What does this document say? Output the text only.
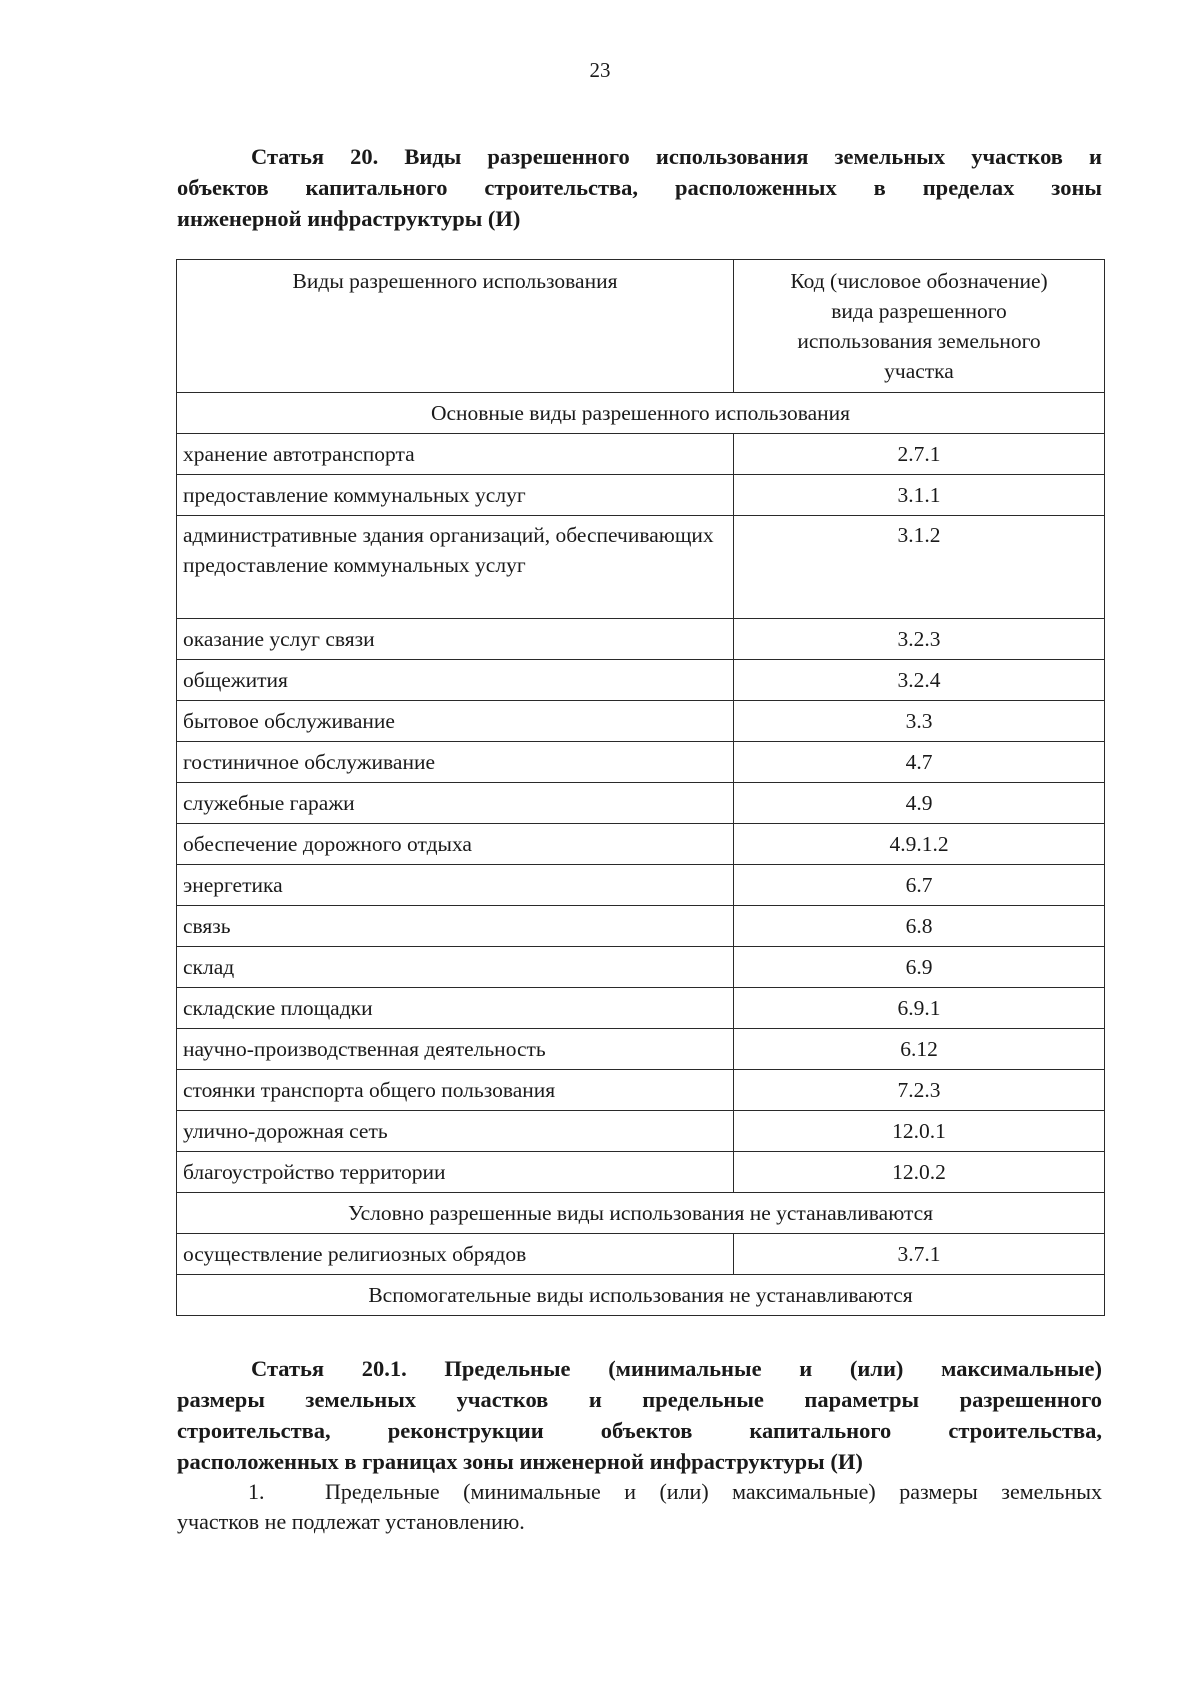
23
Статья 20. Виды разрешенного использования земельных участков и
объектов капитального строительства, расположенных в пределах зоны
инженерной инфраструктуры (И)
Виды разрешенного использования	Код (числовое обозначение)
вида разрешенного
использования земельного
участка

Основные виды разрешенного использования	
хранение автотранспорта	2.7.1
предоставление коммунальных услуг	3.1.1
административные здания организаций, обеспечивающих предоставление коммунальных услуг	3.1.2
оказание услуг связи	3.2.3
общежития	3.2.4
бытовое обслуживание	3.3
гостиничное обслуживание	4.7
служебные гаражи	4.9
обеспечение дорожного отдыха	4.9.1.2
энергетика	6.7
связь	6.8
склад	6.9
складские площадки	6.9.1
научно-производственная деятельность	6.12
стоянки транспорта общего пользования	7.2.3
улично-дорожная сеть	12.0.1
благоустройство территории	12.0.2
Условно разрешенные виды использования не устанавливаются	
осуществление религиозных обрядов	3.7.1
Вспомогательные виды использования не устанавливаются	
Статья 20.1. Предельные (минимальные и (или) максимальные)
размеры земельных участков и предельные параметры разрешенного
строительства, реконструкции объектов капитального строительства,
расположенных в границах зоны инженерной инфраструктуры (И)
1.	Предельные (минимальные и (или) максимальные) размеры земельных
участков не подлежат установлению.
